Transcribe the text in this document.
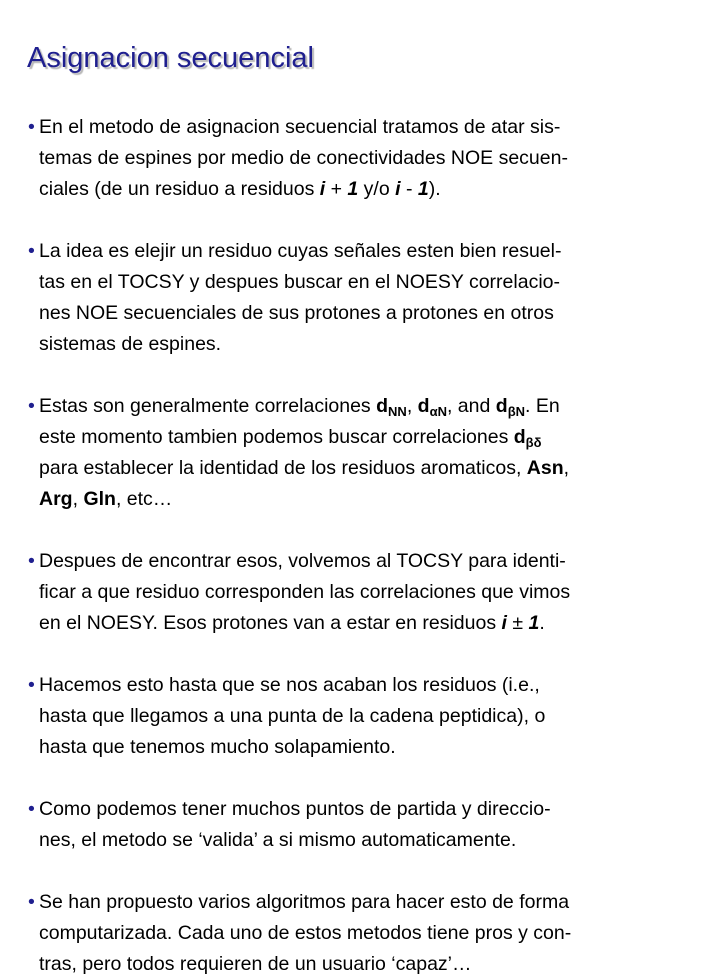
Asignacion secuencial
• En el metodo de asignacion secuencial tratamos de atar sis-
temas de espines por medio de conectividades NOE secuen-
ciales (de un residuo a residuos i + 1 y/o i - 1).
• La idea es elejir un residuo cuyas señales esten bien resuel-
tas en el TOCSY y despues buscar en el NOESY correlacio-
nes NOE secuenciales de sus protones a protones en otros
sistemas de espines.
• Estas son generalmente correlaciones $d_{NN}$, $d_{\alpha N}$, and $d_{\beta N}$. En
este momento tambien podemos buscar correlaciones $d_{\beta\delta}$
para establecer la identidad de los residuos aromaticos, Asn,
Arg, Gln, etc…
• Despues de encontrar esos, volvemos al TOCSY para identi-
ficar a que residuo corresponden las correlaciones que vimos
en el NOESY. Esos protones van a estar en residuos i ± 1.
• Hacemos esto hasta que se nos acaban los residuos (i.e.,
hasta que llegamos a una punta de la cadena peptidica), o
hasta que tenemos mucho solapamiento.
• Como podemos tener muchos puntos de partida y direccio-
nes, el metodo se ‘valida’ a si mismo automaticamente.
• Se han propuesto varios algoritmos para hacer esto de forma
computarizada. Cada uno de estos metodos tiene pros y con-
tras, pero todos requieren de un usuario ‘capaz’…
